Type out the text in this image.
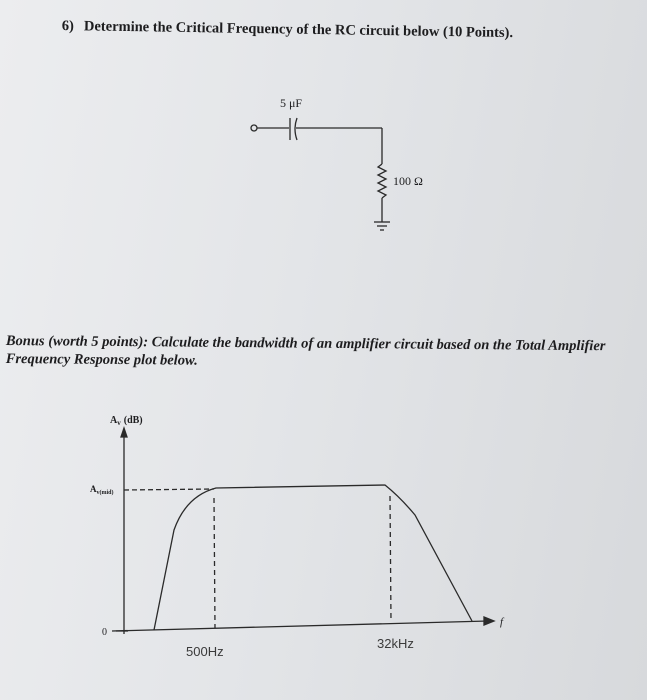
6) Determine the Critical Frequency of the RC circuit below (10 Points).
5 μF
100 Ω
Bonus (worth 5 points): Calculate the bandwidth of an amplifier circuit based on the Total Amplifier Frequency Response plot below.
$A_v$ (dB)
$A_{v(mid)}$
0
f
500Hz
32kHz
